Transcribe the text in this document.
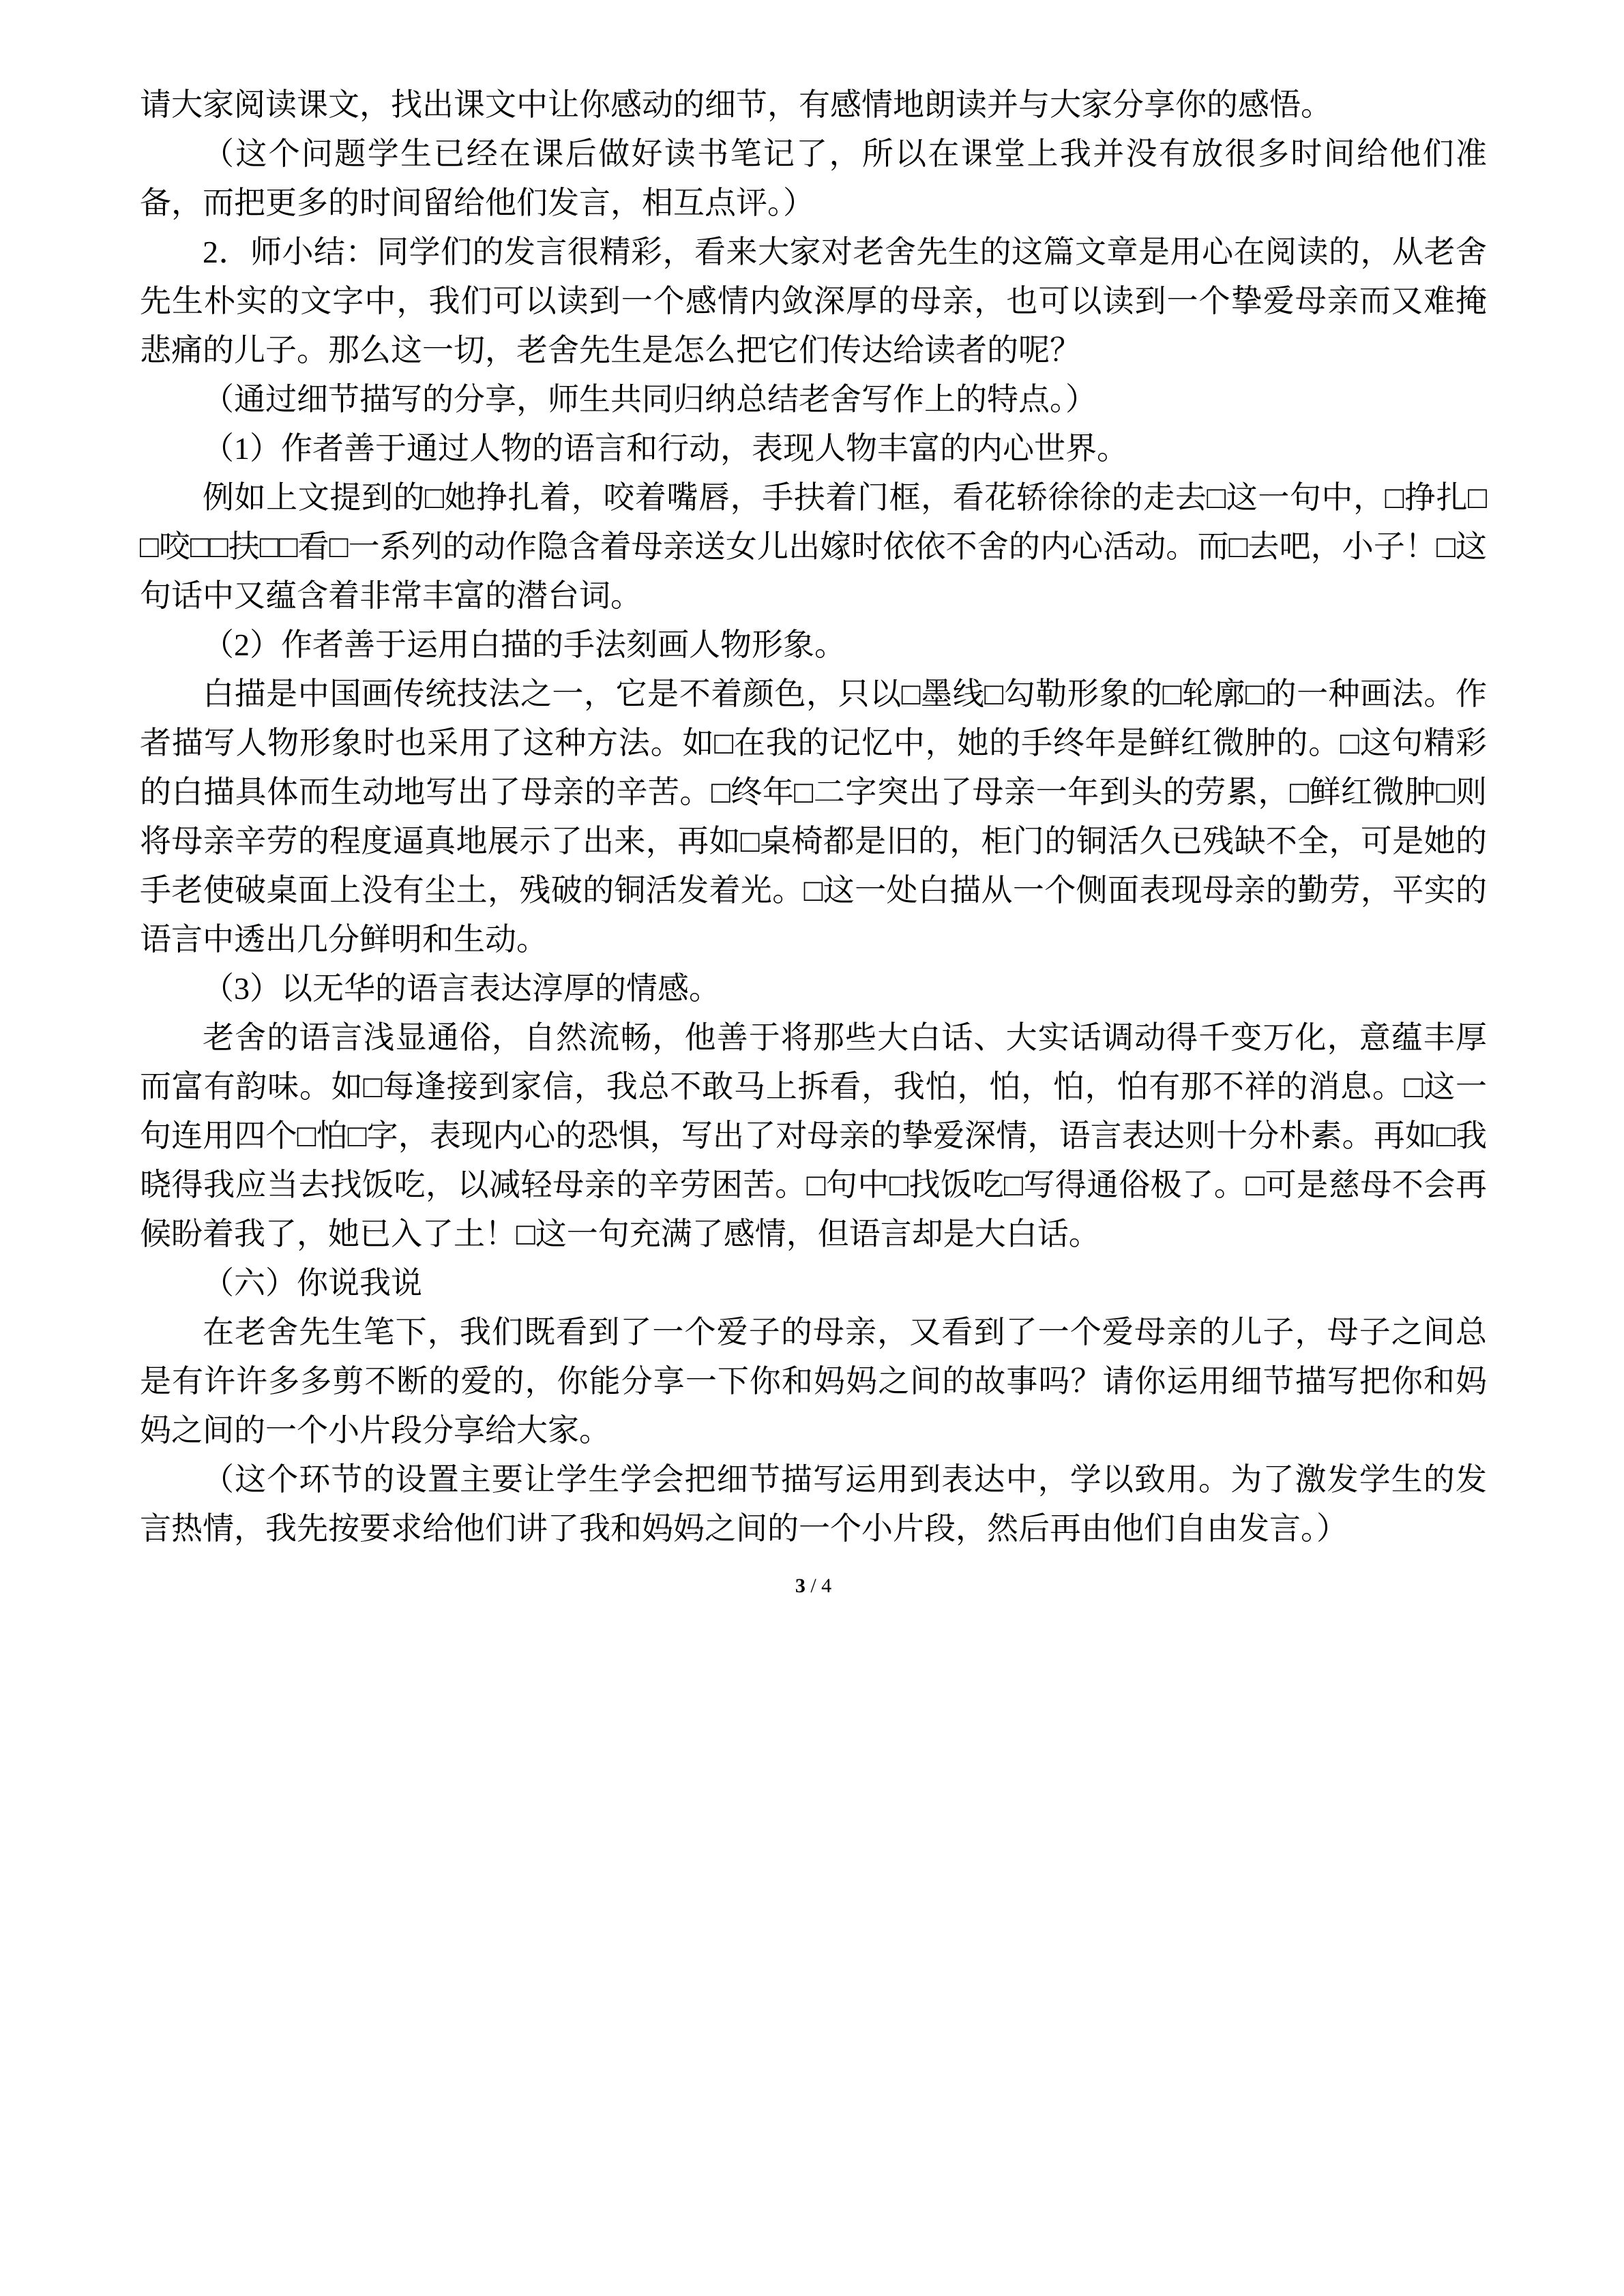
请大家阅读课文，找出课文中让你感动的细节，有感情地朗读并与大家分享你的感悟。

（这个问题学生已经在课后做好读书笔记了，所以在课堂上我并没有放很多时间给他们准备，而把更多的时间留给他们发言，相互点评。）

2．师小结：同学们的发言很精彩，看来大家对老舍先生的这篇文章是用心在阅读的，从老舍先生朴实的文字中，我们可以读到一个感情内敛深厚的母亲，也可以读到一个挚爱母亲而又难掩悲痛的儿子。那么这一切，老舍先生是怎么把它们传达给读者的呢？

（通过细节描写的分享，师生共同归纳总结老舍写作上的特点。）

（1）作者善于通过人物的语言和行动，表现人物丰富的内心世界。

例如上文提到的□她挣扎着，咬着嘴唇，手扶着门框，看花轿徐徐的走去□这一句中，□挣扎□□咬□□扶□□看□一系列的动作隐含着母亲送女儿出嫁时依依不舍的内心活动。而□去吧，小子！□这句话中又蕴含着非常丰富的潜台词。

（2）作者善于运用白描的手法刻画人物形象。

白描是中国画传统技法之一，它是不着颜色，只以□墨线□勾勒形象的□轮廓□的一种画法。作者描写人物形象时也采用了这种方法。如□在我的记忆中，她的手终年是鲜红微肿的。□这句精彩的白描具体而生动地写出了母亲的辛苦。□终年□二字突出了母亲一年到头的劳累，□鲜红微肿□则将母亲辛劳的程度逼真地展示了出来，再如□桌椅都是旧的，柜门的铜活久已残缺不全，可是她的手老使破桌面上没有尘土，残破的铜活发着光。□这一处白描从一个侧面表现母亲的勤劳，平实的语言中透出几分鲜明和生动。

（3）以无华的语言表达淳厚的情感。

老舍的语言浅显通俗，自然流畅，他善于将那些大白话、大实话调动得千变万化，意蕴丰厚而富有韵味。如□每逢接到家信，我总不敢马上拆看，我怕，怕，怕，怕有那不祥的消息。□这一句连用四个□怕□字，表现内心的恐惧，写出了对母亲的挚爱深情，语言表达则十分朴素。再如□我晓得我应当去找饭吃，以减轻母亲的辛劳困苦。□句中□找饭吃□写得通俗极了。□可是慈母不会再候盼着我了，她已入了土！□这一句充满了感情，但语言却是大白话。

（六）你说我说

在老舍先生笔下，我们既看到了一个爱子的母亲，又看到了一个爱母亲的儿子，母子之间总是有许许多多剪不断的爱的，你能分享一下你和妈妈之间的故事吗？请你运用细节描写把你和妈妈之间的一个小片段分享给大家。

（这个环节的设置主要让学生学会把细节描写运用到表达中，学以致用。为了激发学生的发言热情，我先按要求给他们讲了我和妈妈之间的一个小片段，然后再由他们自由发言。）

3 / 4
